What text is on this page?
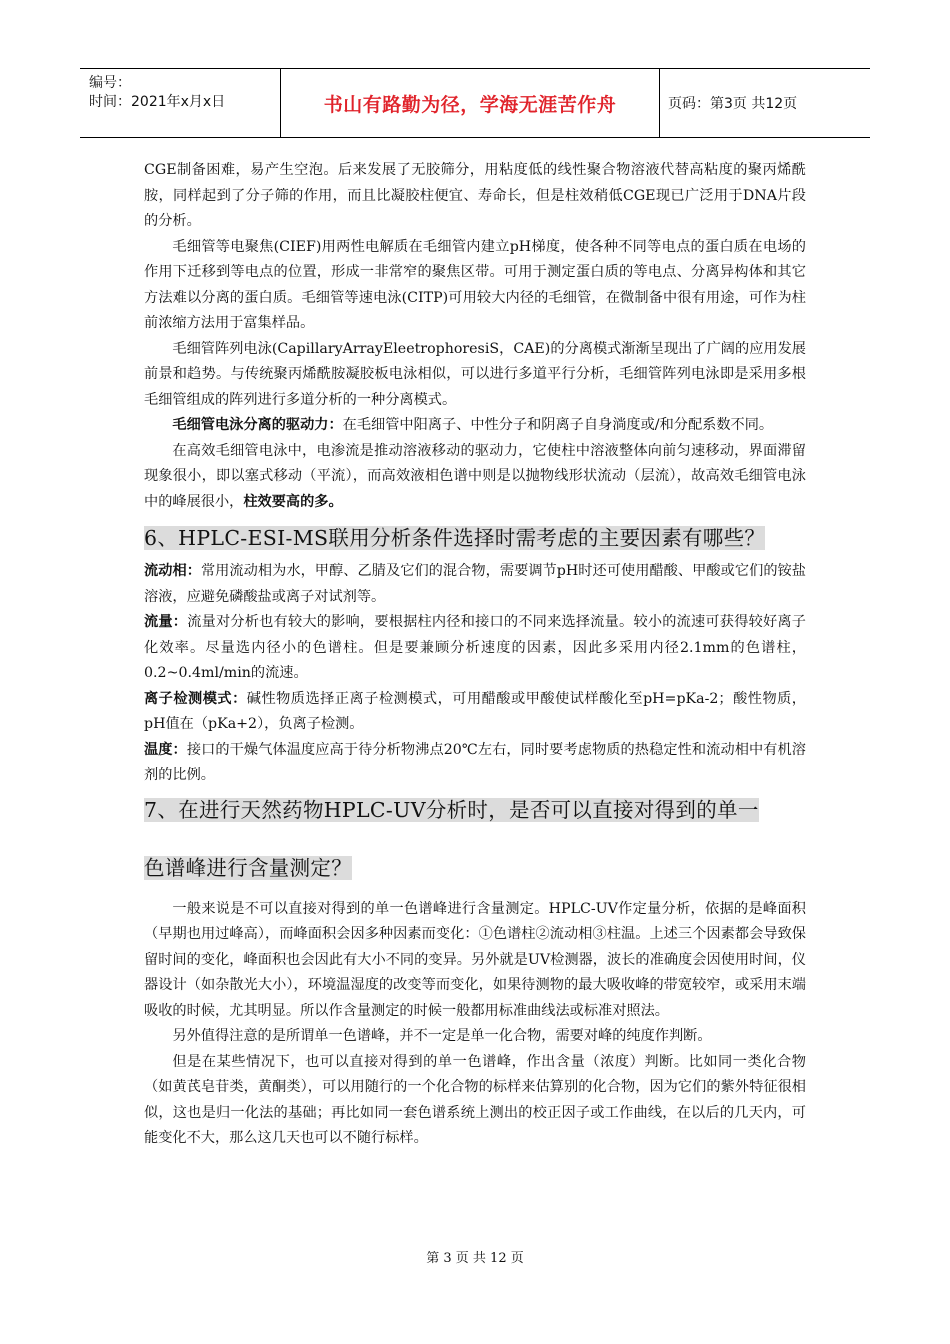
编号：
时间：2021年x月x日	书山有路勤为径，学海无涯苦作舟	页码：第3页 共12页

CGE制备困难，易产生空泡。后来发展了无胶筛分，用粘度低的线性聚合物溶液代替高粘度的聚丙烯酰胺，同样起到了分子筛的作用，而且比凝胶柱便宜、寿命长，但是柱效稍低CGE现已广泛用于DNA片段的分析。

毛细管等电聚焦(CIEF)用两性电解质在毛细管内建立pH梯度，使各种不同等电点的蛋白质在电场的作用下迁移到等电点的位置，形成一非常窄的聚焦区带。可用于测定蛋白质的等电点、分离异构体和其它方法难以分离的蛋白质。毛细管等速电泳(CITP)可用较大内径的毛细管，在微制备中很有用途，可作为柱前浓缩方法用于富集样品。

毛细管阵列电泳(CapillaryArrayEleetrophoresiS，CAE)的分离模式渐渐呈现出了广阔的应用发展前景和趋势。与传统聚丙烯酰胺凝胶板电泳相似，可以进行多道平行分析，毛细管阵列电泳即是采用多根毛细管组成的阵列进行多道分析的一种分离模式。

毛细管电泳分离的驱动力：在毛细管中阳离子、中性分子和阴离子自身淌度或/和分配系数不同。

在高效毛细管电泳中，电渗流是推动溶液移动的驱动力，它使柱中溶液整体向前匀速移动，界面滞留现象很小，即以塞式移动（平流），而高效液相色谱中则是以抛物线形状流动（层流），故高效毛细管电泳中的峰展很小，柱效要高的多。

6、HPLC-ESI-MS联用分析条件选择时需考虑的主要因素有哪些？

流动相：常用流动相为水，甲醇、乙腈及它们的混合物，需要调节pH时还可使用醋酸、甲酸或它们的铵盐溶液，应避免磷酸盐或离子对试剂等。

流量：流量对分析也有较大的影响，要根据柱内径和接口的不同来选择流量。较小的流速可获得较好离子化效率。尽量选内径小的色谱柱。但是要兼顾分析速度的因素，因此多采用内径2.1mm的色谱柱，0.2~0.4ml/min的流速。

离子检测模式：碱性物质选择正离子检测模式，可用醋酸或甲酸使试样酸化至pH=pKa-2；酸性物质，pH值在（pKa+2），负离子检测。

温度：接口的干燥气体温度应高于待分析物沸点20℃左右，同时要考虑物质的热稳定性和流动相中有机溶剂的比例。

7、在进行天然药物HPLC-UV分析时，是否可以直接对得到的单一
色谱峰进行含量测定？

一般来说是不可以直接对得到的单一色谱峰进行含量测定。HPLC-UV作定量分析，依据的是峰面积（早期也用过峰高），而峰面积会因多种因素而变化：①色谱柱②流动相③柱温。上述三个因素都会导致保留时间的变化，峰面积也会因此有大小不同的变异。另外就是UV检测器，波长的准确度会因使用时间，仪器设计（如杂散光大小），环境温湿度的改变等而变化，如果待测物的最大吸收峰的带宽较窄，或采用末端吸收的时候，尤其明显。所以作含量测定的时候一般都用标准曲线法或标准对照法。

另外值得注意的是所谓单一色谱峰，并不一定是单一化合物，需要对峰的纯度作判断。

但是在某些情况下，也可以直接对得到的单一色谱峰，作出含量（浓度）判断。比如同一类化合物（如黄芪皂苷类，黄酮类），可以用随行的一个化合物的标样来估算别的化合物，因为它们的紫外特征很相似，这也是归一化法的基础；再比如同一套色谱系统上测出的校正因子或工作曲线，在以后的几天内，可能变化不大，那么这几天也可以不随行标样。

第 3 页 共 12 页
